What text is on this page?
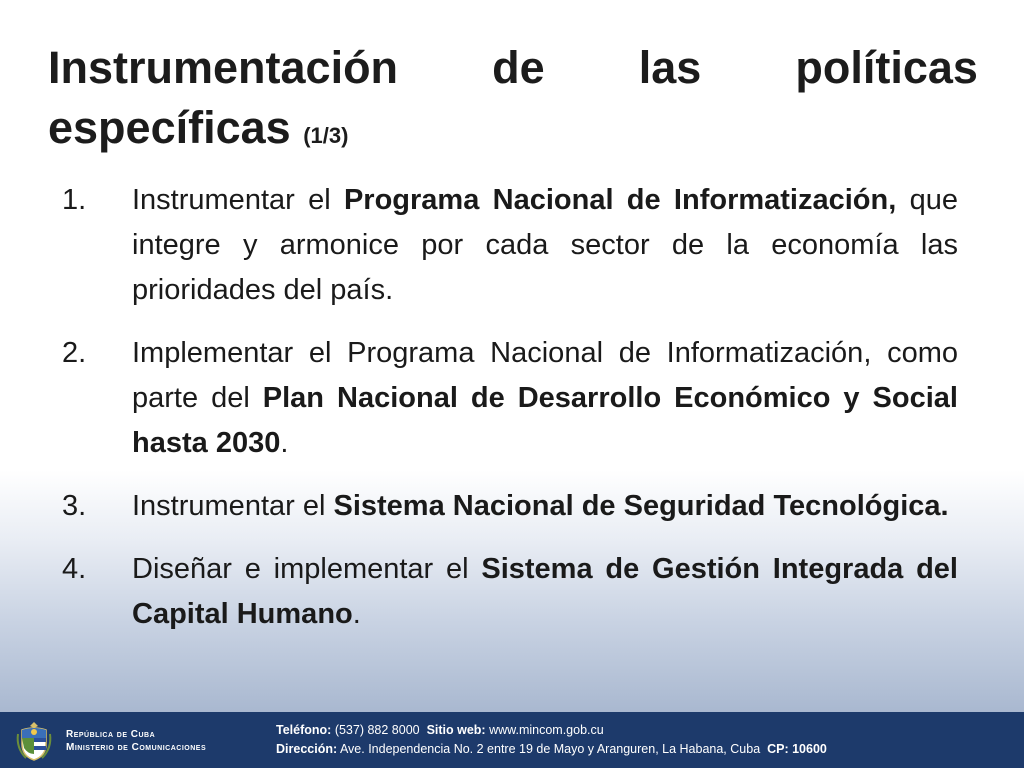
Instrumentación de las políticas
específicas (1/3)
1. Instrumentar el Programa Nacional de Informatización, que integre y armonice por cada sector de la economía las prioridades del país.
2. Implementar el Programa Nacional de Informatización, como parte del Plan Nacional de Desarrollo Económico y Social hasta 2030.
3. Instrumentar el Sistema Nacional de Seguridad Tecnológica.
4. Diseñar e implementar el Sistema de Gestión Integrada del Capital Humano.
República de Cuba
Ministerio de Comunicaciones
Teléfono: (537) 882 8000 Sitio web: www.mincom.gob.cu
Dirección: Ave. Independencia No. 2 entre 19 de Mayo y Aranguren, La Habana, Cuba CP: 10600
